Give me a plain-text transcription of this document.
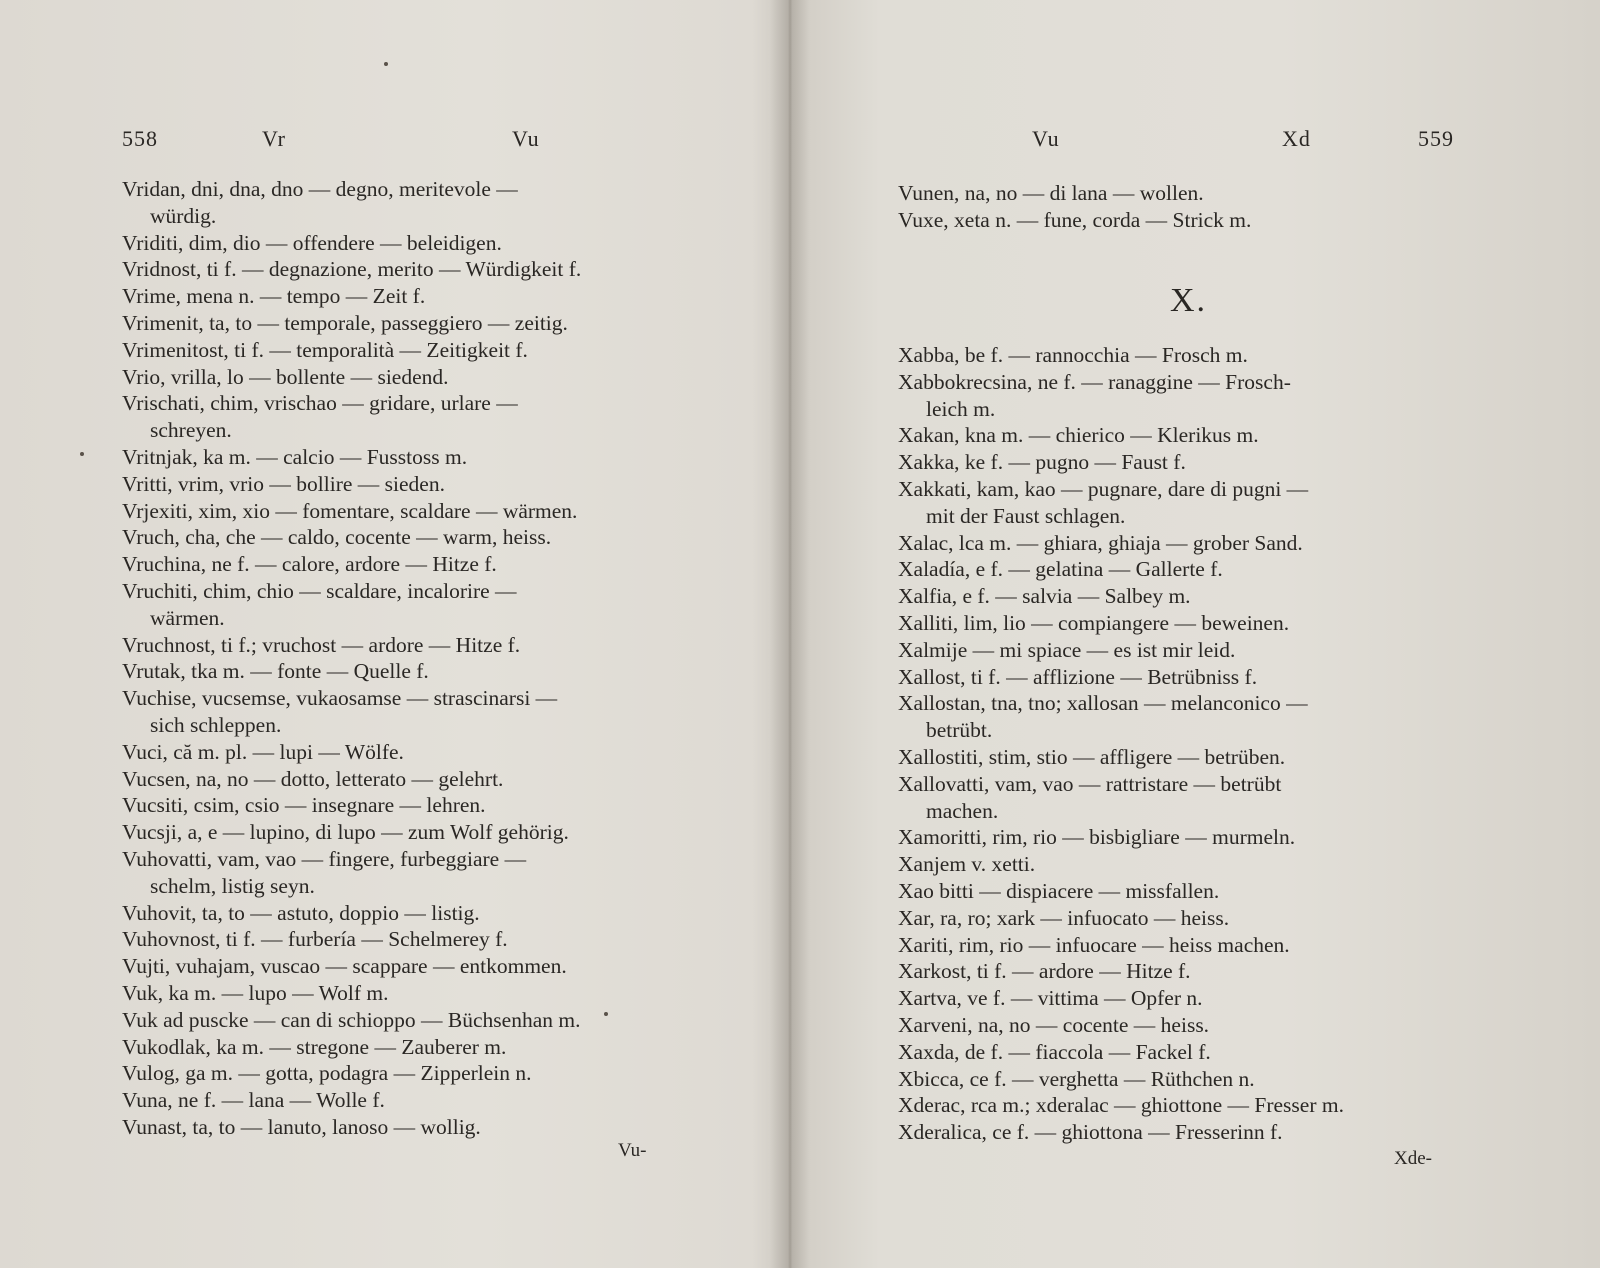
558	Vr	Vu
Vridan, dni, dna, dno — degno, meritevole —
würdig.
Vriditi, dim, dio — offendere — beleidigen.
Vridnost, ti f. — degnazione, merito — Würdigkeit f.
Vrime, mena n. — tempo — Zeit f.
Vrimenit, ta, to — temporale, passeggiero — zeitig.
Vrimenitost, ti f. — temporalità — Zeitigkeit f.
Vrio, vrilla, lo — bollente — siedend.
Vrischati, chim, vrischao — gridare, urlare —
schreyen.
Vritnjak, ka m. — calcio — Fusstoss m.
Vritti, vrim, vrio — bollire — sieden.
Vrjexiti, xim, xio — fomentare, scaldare — wärmen.
Vruch, cha, che — caldo, cocente — warm, heiss.
Vruchina, ne f. — calore, ardore — Hitze f.
Vruchiti, chim, chio — scaldare, incalorire —
wärmen.
Vruchnost, ti f.; vruchost — ardore — Hitze f.
Vrutak, tka m. — fonte — Quelle f.
Vuchise, vucsemse, vukaosamse — strascinarsi —
sich schleppen.
Vuci, că m. pl. — lupi — Wölfe.
Vucsen, na, no — dotto, letterato — gelehrt.
Vucsiti, csim, csio — insegnare — lehren.
Vucsji, a, e — lupino, di lupo — zum Wolf gehörig.
Vuhovatti, vam, vao — fingere, furbeggiare —
schelm, listig seyn.
Vuhovit, ta, to — astuto, doppio — listig.
Vuhovnost, ti f. — furbería — Schelmerey f.
Vujti, vuhajam, vuscao — scappare — entkommen.
Vuk, ka m. — lupo — Wolf m.
Vuk ad puscke — can di schioppo — Büchsenhan m.
Vukodlak, ka m. — stregone — Zauberer m.
Vulog, ga m. — gotta, podagra — Zipperlein n.
Vuna, ne f. — lana — Wolle f.
Vunast, ta, to — lanuto, lanoso — wollig.
Vu-
Vu	Xd	559
Vunen, na, no — di lana — wollen.
Vuxe, xeta n. — fune, corda — Strick m.
Xabba, be f. — rannocchia — Frosch m.
Xabbokrecsina, ne f. — ranaggine — Frosch-
leich m.
Xakan, kna m. — chierico — Klerikus m.
Xakka, ke f. — pugno — Faust f.
Xakkati, kam, kao — pugnare, dare di pugni —
mit der Faust schlagen.
Xalac, lca m. — ghiara, ghiaja — grober Sand.
Xaladía, e f. — gelatina — Gallerte f.
Xalfia, e f. — salvia — Salbey m.
Xalliti, lim, lio — compiangere — beweinen.
Xalmije — mi spiace — es ist mir leid.
Xallost, ti f. — afflizione — Betrübniss f.
Xallostan, tna, tno; xallosan — melanconico —
betrübt.
Xallostiti, stim, stio — affligere — betrüben.
Xallovatti, vam, vao — rattristare — betrübt
machen.
Xamoritti, rim, rio — bisbigliare — murmeln.
Xanjem v. xetti.
Xao bitti — dispiacere — missfallen.
Xar, ra, ro; xark — infuocato — heiss.
Xariti, rim, rio — infuocare — heiss machen.
Xarkost, ti f. — ardore — Hitze f.
Xartva, ve f. — vittima — Opfer n.
Xarveni, na, no — cocente — heiss.
Xaxda, de f. — fiaccola — Fackel f.
Xbicca, ce f. — verghetta — Rüthchen n.
Xderac, rca m.; xderalac — ghiottone — Fresser m.
Xderalica, ce f. — ghiottona — Fresserinn f.
Xde-
X.
